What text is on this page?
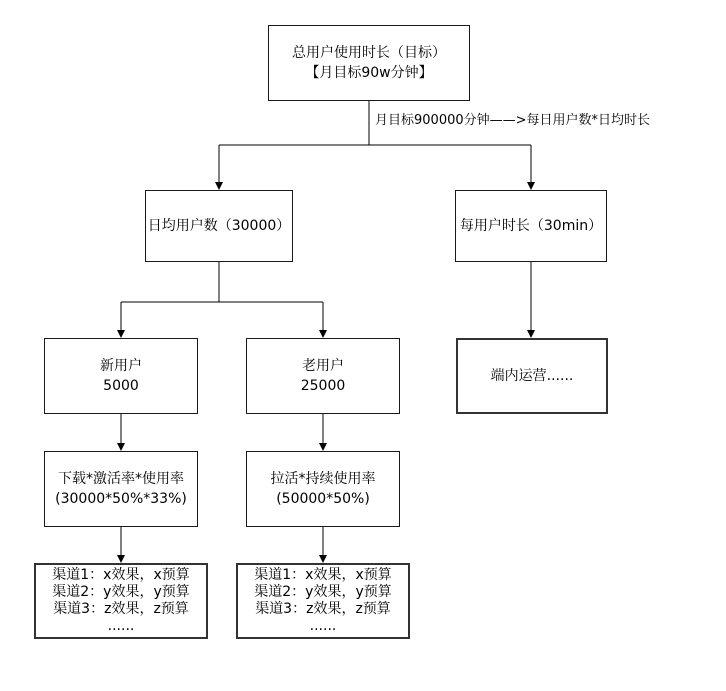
月目标900000分钟——>每日用户数*日均时长
总用户使用时长（目标）
【月目标90w分钟】
日均用户数（30000）	每用户时长（30min）
新用户
5000
老用户
25000
端内运营......
下载*激活率*使用率
(30000*50%*33%)
拉活*持续使用率
(50000*50%)
渠道1：x效果，x预算
渠道2：y效果，y预算
渠道3：z效果，z预算
......
渠道1：x效果，x预算
渠道2：y效果，y预算
渠道3：z效果，z预算
......
